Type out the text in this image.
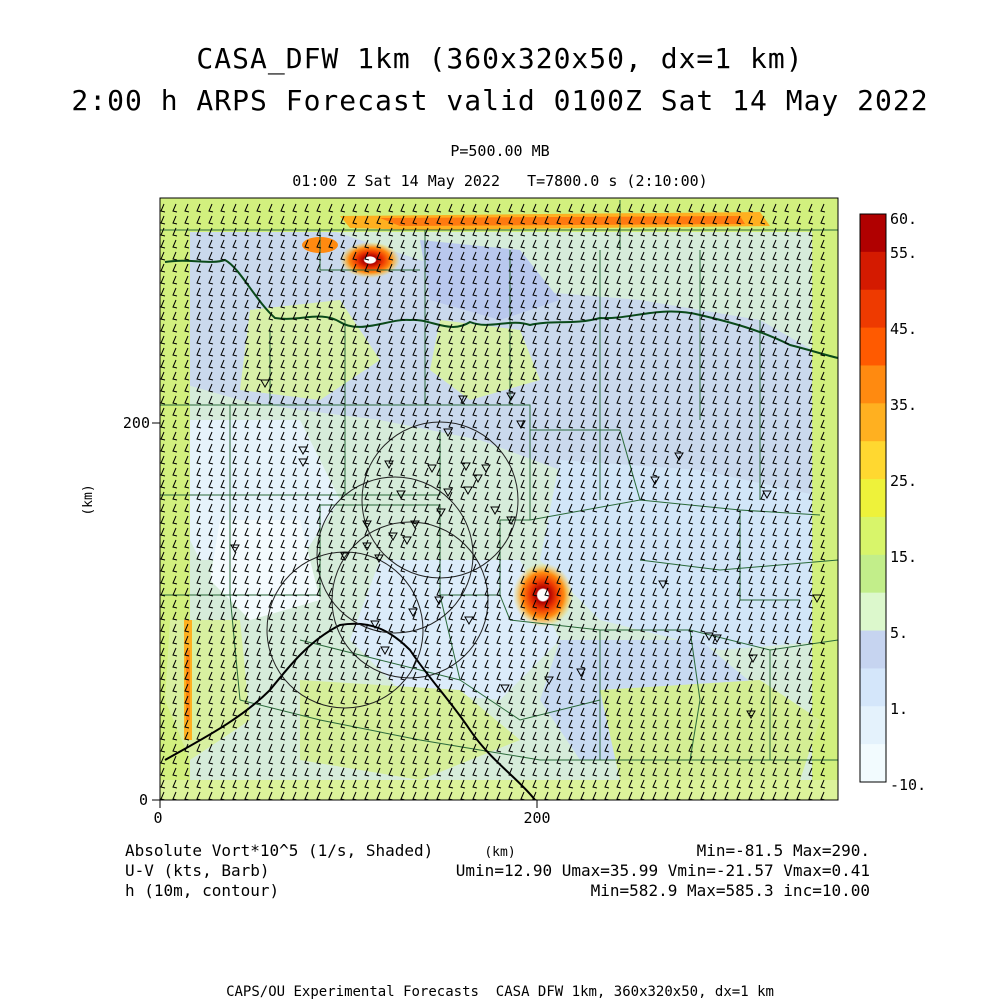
CASA_DFW 1km (360x320x50, dx=1 km)
2:00 h ARPS Forecast valid 0100Z Sat 14 May 2022
P=500.00 MB
01:00 Z Sat 14 May 2022   T=7800.0 s (2:10:00)
0	200
0
200
(km)
(km)
60.
55.
45.
35.
25.
15.
5.
1.
-10.
Absolute Vort*10^5 (1/s, Shaded)	Min=-81.5 Max=290.
U-V (kts, Barb)	Umin=12.90 Umax=35.99 Vmin=-21.57 Vmax=0.41
h (10m, contour)	Min=582.9 Max=585.3 inc=10.00
CAPS/OU Experimental Forecasts  CASA DFW 1km, 360x320x50, dx=1 km
